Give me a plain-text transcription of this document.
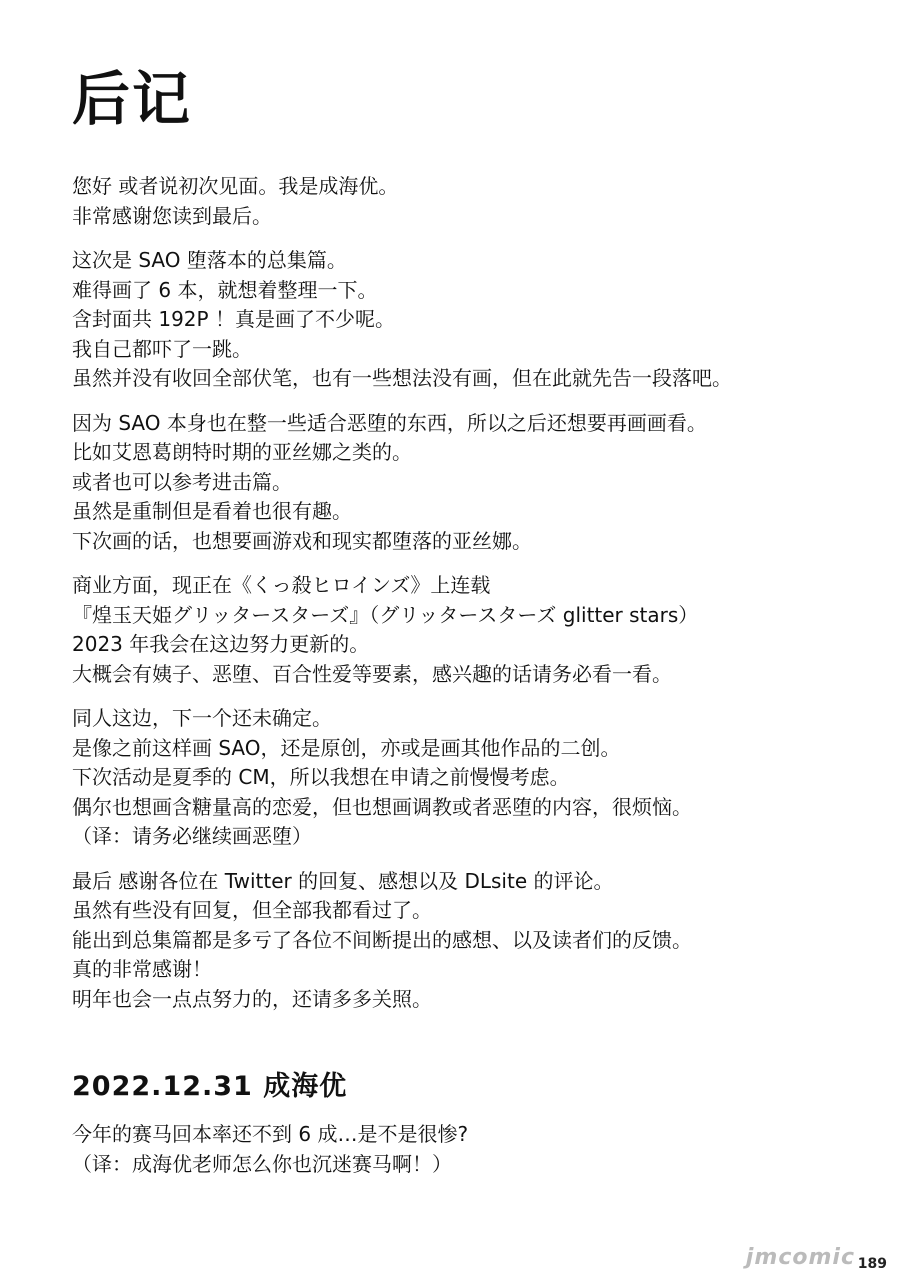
后记

您好 或者说初次见面。我是成海优。
非常感谢您读到最后。

这次是 SAO 堕落本的总集篇。
难得画了 6 本，就想着整理一下。
含封面共 192P ！真是画了不少呢。
我自己都吓了一跳。
虽然并没有收回全部伏笔，也有一些想法没有画，但在此就先告一段落吧。

因为 SAO 本身也在整一些适合恶堕的东西，所以之后还想要再画画看。
比如艾恩葛朗特时期的亚丝娜之类的。
或者也可以参考进击篇。
虽然是重制但是看着也很有趣。
下次画的话，也想要画游戏和现实都堕落的亚丝娜。

商业方面，现正在《くっ殺ヒロインズ》上连载
『煌玉天姫グリッタースターズ』（グリッタースターズ glitter stars）
2023 年我会在这边努力更新的。
大概会有姨子、恶堕、百合性爱等要素，感兴趣的话请务必看一看。

同人这边，下一个还未确定。
是像之前这样画 SAO，还是原创，亦或是画其他作品的二创。
下次活动是夏季的 CM，所以我想在申请之前慢慢考虑。
偶尔也想画含糖量高的恋爱，但也想画调教或者恶堕的内容，很烦恼。
（译：请务必继续画恶堕）

最后 感谢各位在 Twitter 的回复、感想以及 DLsite 的评论。
虽然有些没有回复，但全部我都看过了。
能出到总集篇都是多亏了各位不间断提出的感想、以及读者们的反馈。
真的非常感谢！
明年也会一点点努力的，还请多多关照。

2022.12.31 成海优
今年的赛马回本率还不到 6 成…是不是很惨?
（译：成海优老师怎么你也沉迷赛马啊！）
jmcomic 189
